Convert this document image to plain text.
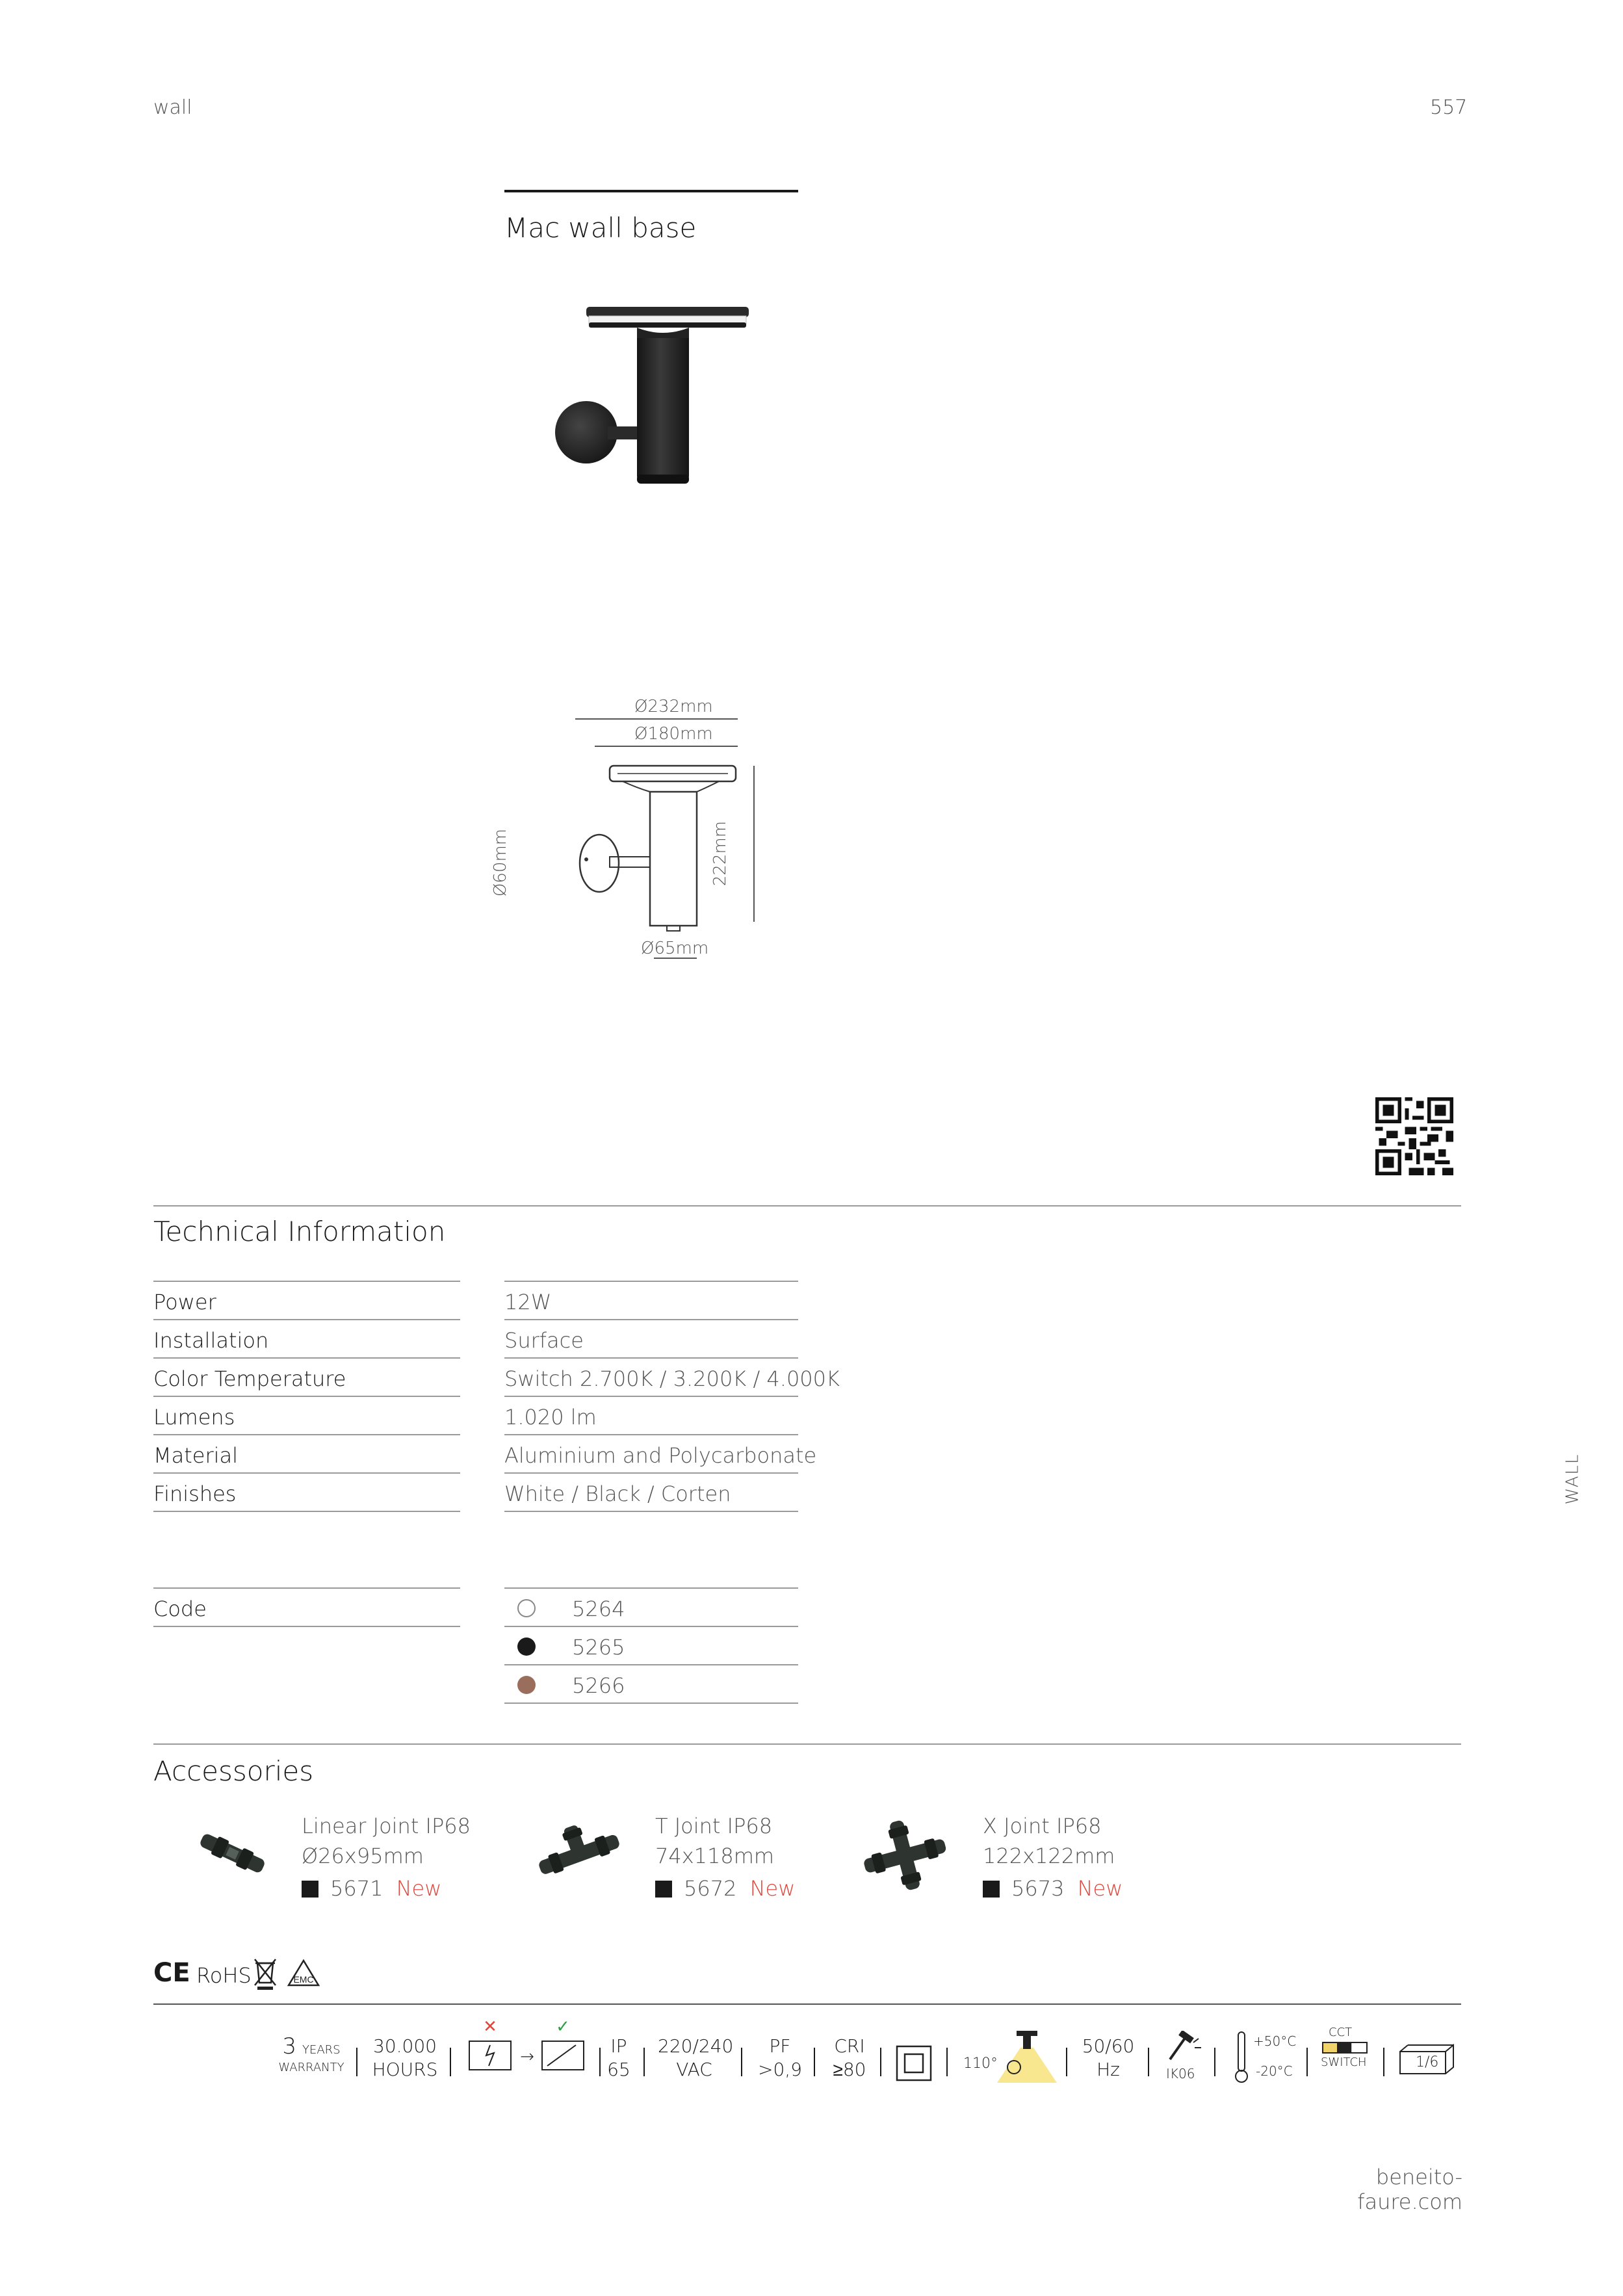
wall	557
Mac wall base
Ø232mm
Ø180mm
222mm
Ø60mm
Ø65mm
Technical Information
Power	12W
Installation	Surface
Color Temperature	Switch 2.700K / 3.200K / 4.000K
Lumens	1.020 lm
Material	Aluminium and Polycarbonate
Finishes	White / Black / Corten
Code	5264
5265
5266
Accessories
Linear Joint IP68
Ø26x95mm
5671 New
T Joint IP68
74x118mm
5672 New
X Joint IP68
122x122mm
5673 New
CE RoHS	EMC
3 YEARS
WARRANTY
30.000
HOURS
✕
→
✓
IP
65
220/240
VAC
PF
>0,9
CRI
≥80	110°
50/60
Hz	IK06
+50°C
-20°C
CCT
SWITCH	1/6
WALL
beneito-faure.com
